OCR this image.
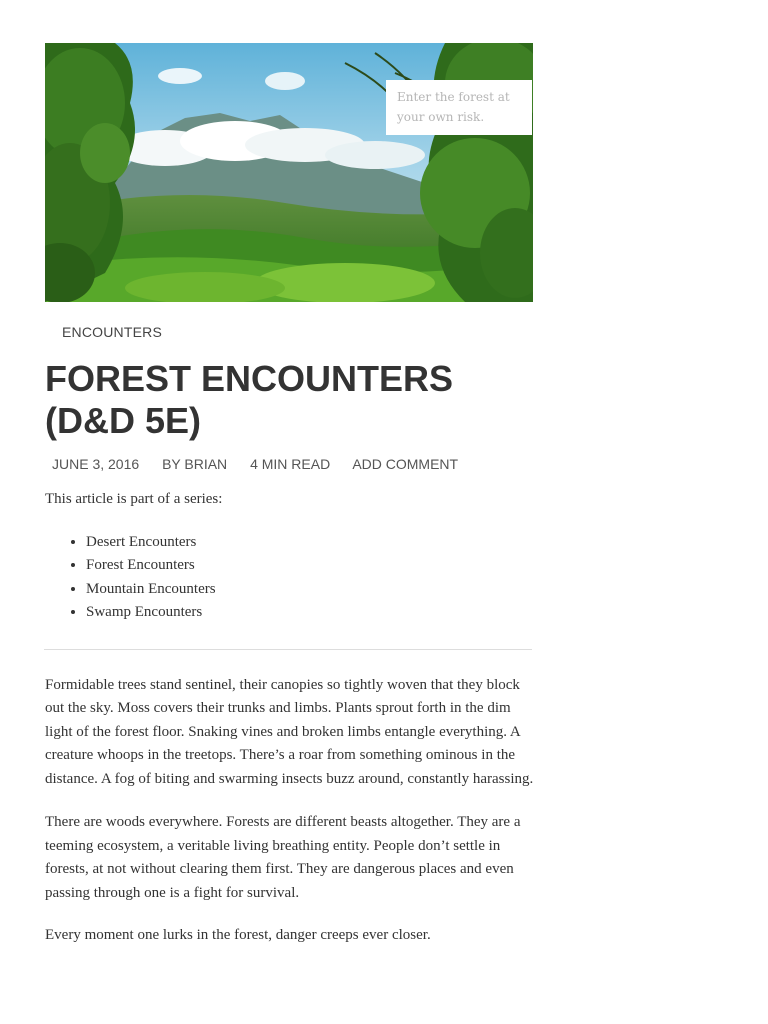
Enter the forest at your own risk.
ENCOUNTERS
FOREST ENCOUNTERS (D&D 5E)
JUNE 3, 2016 BY BRIAN 4 MIN READ ADD COMMENT

This article is part of a series:

• Desert Encounters
• Forest Encounters
• Mountain Encounters
• Swamp Encounters

Formidable trees stand sentinel, their canopies so tightly woven that they block out the sky. Moss covers their trunks and limbs. Plants sprout forth in the dim light of the forest floor. Snaking vines and broken limbs entangle everything. A creature whoops in the treetops. There’s a roar from something ominous in the distance. A fog of biting and swarming insects buzz around, constantly harassing.

There are woods everywhere. Forests are different beasts altogether. They are a teeming ecosystem, a veritable living breathing entity. People don’t settle in forests, at not without clearing them first. They are dangerous places and even passing through one is a fight for survival.

Every moment one lurks in the forest, danger creeps ever closer.
